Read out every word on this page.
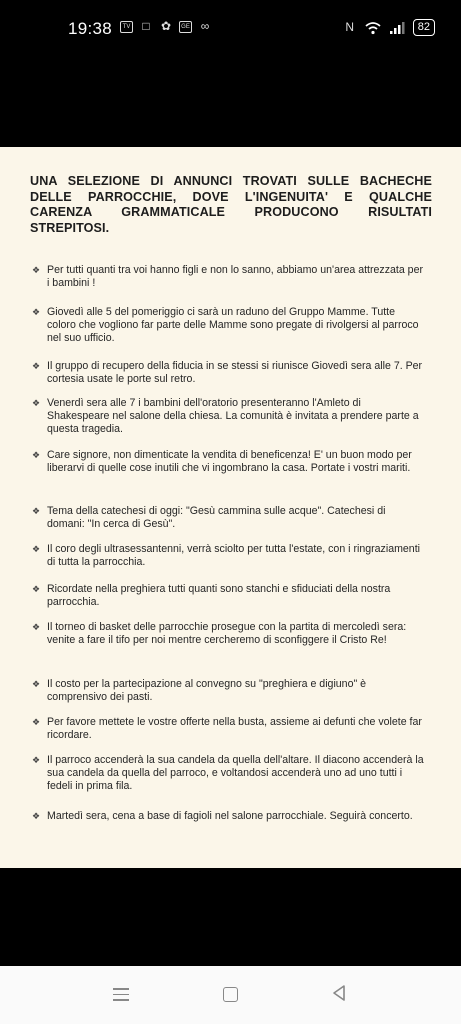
19:38	TV □ ✿	GE ∞	N	82
UNA SELEZIONE DI ANNUNCI TROVATI SULLE BACHECHE DELLE PARROCCHIE, DOVE L'INGENUITA' E QUALCHE CARENZA GRAMMATICALE PRODUCONO RISULTATI STREPITOSI.
❖ Per tutti quanti tra voi hanno figli e non lo sanno, abbiamo un'area attrezzata per i bambini !
❖ Giovedì alle 5 del pomeriggio ci sarà un raduno del Gruppo Mamme. Tutte coloro che vogliono far parte delle Mamme sono pregate di rivolgersi al parroco nel suo ufficio.
❖ Il gruppo di recupero della fiducia in se stessi si riunisce Giovedì sera alle 7. Per cortesia usate le porte sul retro.
❖ Venerdì sera alle 7 i bambini dell'oratorio presenteranno l'Amleto di Shakespeare nel salone della chiesa. La comunità è invitata a prendere parte a questa tragedia.
❖ Care signore, non dimenticate la vendita di beneficenza! E' un buon modo per liberarvi di quelle cose inutili che vi ingombrano la casa. Portate i vostri mariti.
❖ Tema della catechesi di oggi: "Gesù cammina sulle acque". Catechesi di domani: "In cerca di Gesù".
❖ Il coro degli ultrasessantenni, verrà sciolto per tutta l'estate, con i ringraziamenti di tutta la parrocchia.
❖ Ricordate nella preghiera tutti quanti sono stanchi e sfiduciati della nostra parrocchia.
❖ Il torneo di basket delle parrocchie prosegue con la partita di mercoledì sera: venite a fare il tifo per noi mentre cercheremo di sconfiggere il Cristo Re!
❖ Il costo per la partecipazione al convegno su "preghiera e digiuno" è comprensivo dei pasti.
❖ Per favore mettete le vostre offerte nella busta, assieme ai defunti che volete far ricordare.
❖ Il parroco accenderà la sua candela da quella dell'altare. Il diacono accenderà la sua candela da quella del parroco, e voltandosi accenderà uno ad uno tutti i fedeli in prima fila.
❖ Martedì sera, cena a base di fagioli nel salone parrocchiale. Seguirà concerto.
